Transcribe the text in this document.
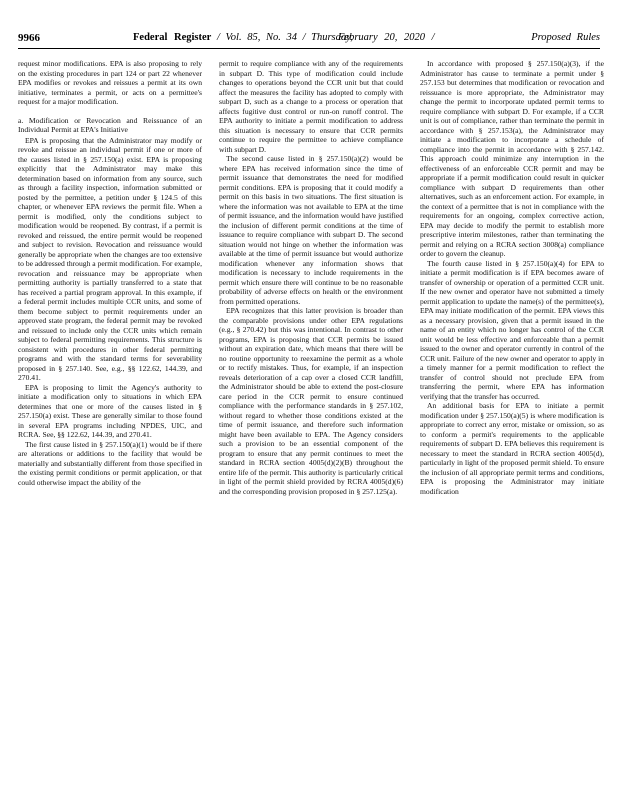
9966	Federal Register / Vol. 85, No. 34 / Thursday,
February 20, 2020 /	Proposed Rules

request minor modifications. EPA is also proposing to rely on the existing procedures in part 124 or part 22 whenever EPA modifies or revokes and reissues a permit at its own initiative, terminates a permit, or acts on a permittee's request for a major modification.

a. Modification or Revocation and Reissuance of an Individual Permit at EPA's Initiative

EPA is proposing that the Administrator may modify or revoke and reissue an individual permit if one or more of the causes listed in § 257.150(a) exist. EPA is proposing explicitly that the Administrator may make this determination based on information from any source, such as through a facility inspection, information submitted or posted by the permittee, a petition under § 124.5 of this chapter, or whenever EPA reviews the permit file. When a permit is modified, only the conditions subject to modification would be reopened. By contrast, if a permit is revoked and reissued, the entire permit would be reopened and subject to revision. Revocation and reissuance would generally be appropriate when the changes are too extensive to be addressed through a permit modification. For example, revocation and reissuance may be appropriate when permitting authority is partially transferred to a state that has received a partial program approval. In this example, if a federal permit includes multiple CCR units, and some of them become subject to permit requirements under an approved state program, the federal permit may be revoked and reissued to include only the CCR units which remain subject to federal permitting requirements. This structure is consistent with procedures in other federal permitting programs and with the standard terms for severability proposed in § 257.140. See, e.g., §§ 122.62, 144.39, and 270.41.

EPA is proposing to limit the Agency's authority to initiate a modification only to situations in which EPA determines that one or more of the causes listed in § 257.150(a) exist. These are generally similar to those found in several EPA programs including NPDES, UIC, and RCRA. See, §§ 122.62, 144.39, and 270.41.

The first cause listed in § 257.150(a)(1) would be if there are alterations or additions to the facility that would be materially and substantially different from those specified in the existing permit conditions or permit application, or that could otherwise impact the ability of the

permit to require compliance with any of the requirements in subpart D. This type of modification could include changes to operations beyond the CCR unit but that could affect the measures the facility has adopted to comply with subpart D, such as a change to a process or operation that affects fugitive dust control or run-on runoff control. The EPA authority to initiate a permit modification to address this situation is necessary to ensure that CCR permits continue to require the permittee to achieve compliance with subpart D.

The second cause listed in § 257.150(a)(2) would be where EPA has received information since the time of permit issuance that demonstrates the need for modified permit conditions. EPA is proposing that it could modify a permit on this basis in two situations. The first situation is where the information was not available to EPA at the time of permit issuance, and the information would have justified the inclusion of different permit conditions at the time of issuance to require compliance with subpart D. The second situation would not hinge on whether the information was available at the time of permit issuance but would authorize modification whenever any information shows that modification is necessary to include requirements in the permit which ensure there will continue to be no reasonable probability of adverse effects on health or the environment from permitted operations.

EPA recognizes that this latter provision is broader than the comparable provisions under other EPA regulations (e.g., § 270.42) but this was intentional. In contrast to other programs, EPA is proposing that CCR permits be issued without an expiration date, which means that there will be no routine opportunity to reexamine the permit as a whole or to rectify mistakes. Thus, for example, if an inspection reveals deterioration of a cap over a closed CCR landfill, the Administrator should be able to extend the post-closure care period in the CCR permit to ensure continued compliance with the performance standards in § 257.102, without regard to whether those conditions existed at the time of permit issuance, and therefore such information might have been available to EPA. The Agency considers such a provision to be an essential component of the program to ensure that any permit continues to meet the standard in RCRA section 4005(d)(2)(B) throughout the entire life of the permit. This authority is particularly critical in light of the permit shield provided by RCRA 4005(d)(6) and the corresponding provision proposed in § 257.125(a).

In accordance with proposed § 257.150(a)(3), if the Administrator has cause to terminate a permit under § 257.153 but determines that modification or revocation and reissuance is more appropriate, the Administrator may change the permit to incorporate updated permit terms to require compliance with subpart D. For example, if a CCR unit is out of compliance, rather than terminate the permit in accordance with § 257.153(a), the Administrator may initiate a modification to incorporate a schedule of compliance into the permit in accordance with § 257.142. This approach could minimize any interruption in the effectiveness of an enforceable CCR permit and may be appropriate if a permit modification could result in quicker compliance with subpart D requirements than other alternatives, such as an enforcement action. For example, in the context of a permittee that is not in compliance with the requirements for an ongoing, complex corrective action, EPA may decide to modify the permit to establish more prescriptive interim milestones, rather than terminating the permit and relying on a RCRA section 3008(a) compliance order to govern the cleanup.

The fourth cause listed in § 257.150(a)(4) for EPA to initiate a permit modification is if EPA becomes aware of transfer of ownership or operation of a permitted CCR unit. If the new owner and operator have not submitted a timely permit application to update the name(s) of the permittee(s), EPA may initiate modification of the permit. EPA views this as a necessary provision, given that a permit issued in the name of an entity which no longer has control of the CCR unit would be less effective and enforceable than a permit issued to the owner and operator currently in control of the CCR unit. Failure of the new owner and operator to apply in a timely manner for a permit modification to reflect the transfer of control should not preclude EPA from transferring the permit, where EPA has information verifying that the transfer has occurred.

An additional basis for EPA to initiate a permit modification under § 257.150(a)(5) is where modification is appropriate to correct any error, mistake or omission, so as to conform a permit's requirements to the applicable requirements of subpart D. EPA believes this requirement is necessary to meet the standard in RCRA section 4005(d), particularly in light of the proposed permit shield. To ensure the inclusion of all appropriate permit terms and conditions, EPA is proposing the Administrator may initiate modification
